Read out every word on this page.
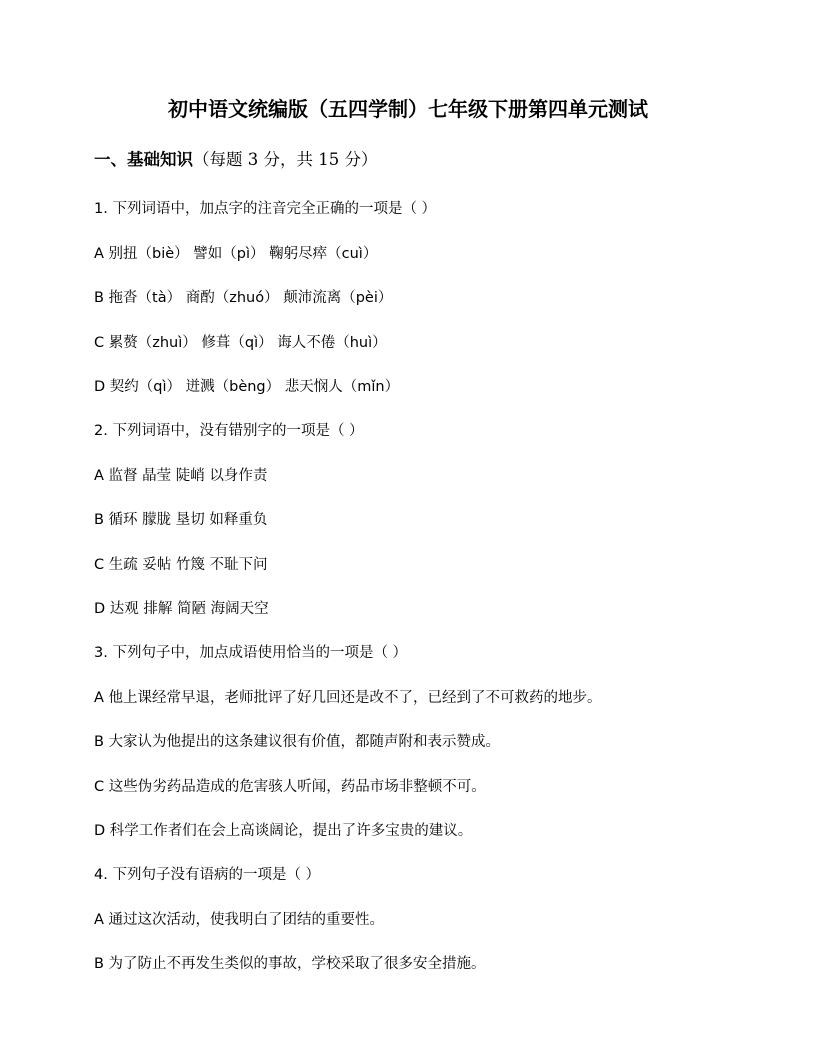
初中语文统编版（五四学制）七年级下册第四单元测试
一、基础知识（每题 3 分，共 15 分）
1. 下列词语中，加点字的注音完全正确的一项是（ ）
A 别扭（biè） 譬如（pì） 鞠躬尽瘁（cuì）
B 拖沓（tà） 商酌（zhuó） 颠沛流离（pèi）
C 累赘（zhuì） 修葺（qì） 诲人不倦（huì）
D 契约（qì） 迸溅（bèng） 悲天悯人（mǐn）
2. 下列词语中，没有错别字的一项是（ ）
A 监督 晶莹 陡峭 以身作责
B 循环 朦胧 垦切 如释重负
C 生疏 妥帖 竹篾 不耻下问
D 达观 排解 简陋 海阔天空
3. 下列句子中，加点成语使用恰当的一项是（ ）
A 他上课经常早退，老师批评了好几回还是改不了，已经到了不可救药的地步。
B 大家认为他提出的这条建议很有价值，都随声附和表示赞成。
C 这些伪劣药品造成的危害骇人听闻，药品市场非整顿不可。
D 科学工作者们在会上高谈阔论，提出了许多宝贵的建议。
4. 下列句子没有语病的一项是（ ）
A 通过这次活动，使我明白了团结的重要性。
B 为了防止不再发生类似的事故，学校采取了很多安全措施。
